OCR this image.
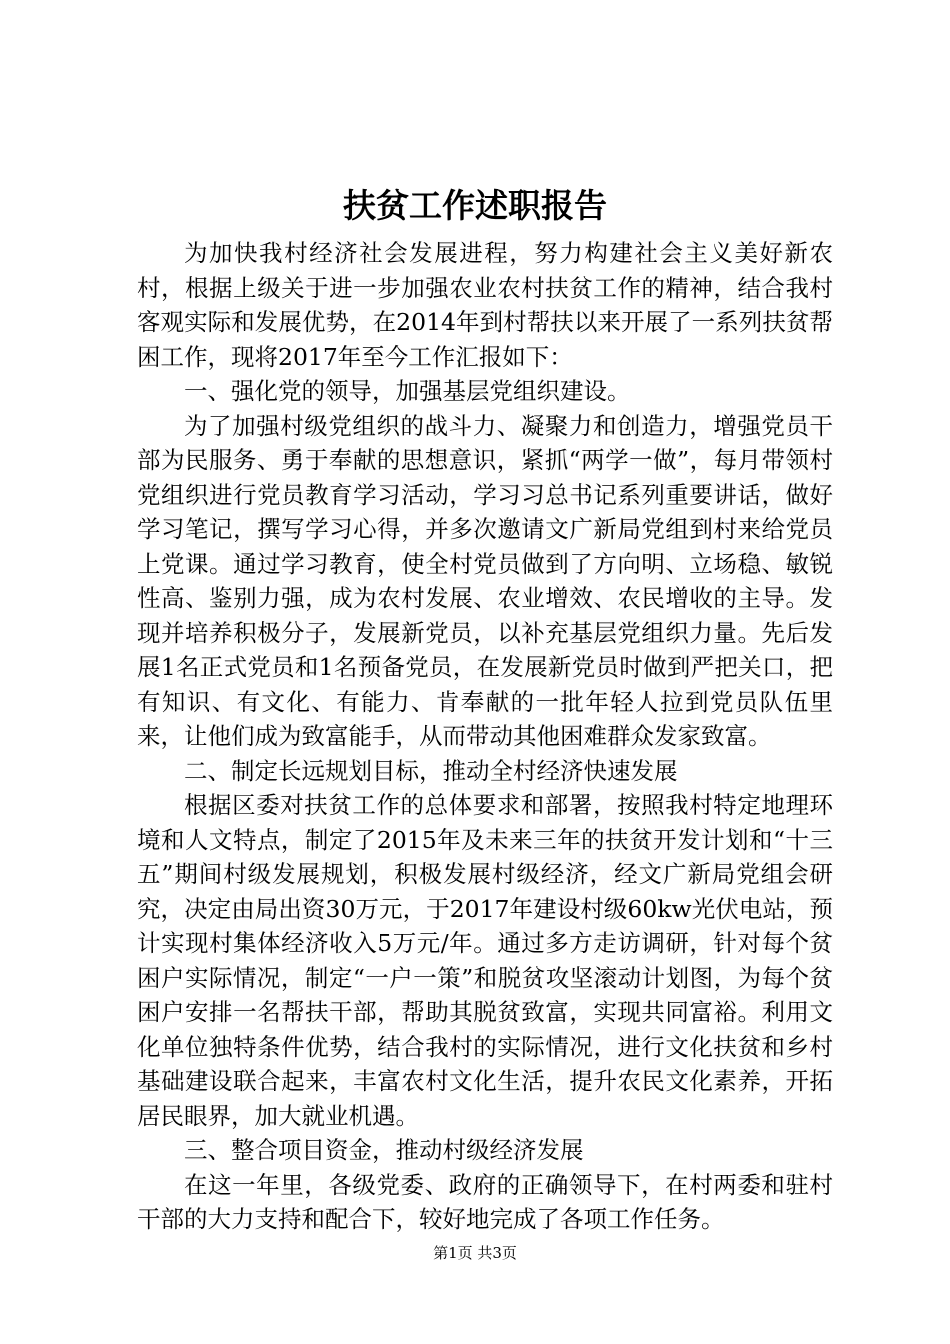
扶贫工作述职报告

为加快我村经济社会发展进程，努力构建社会主义美好新农村，根据上级关于进一步加强农业农村扶贫工作的精神，结合我村客观实际和发展优势，在2014年到村帮扶以来开展了一系列扶贫帮困工作，现将2017年至今工作汇报如下：

一、强化党的领导，加强基层党组织建设。

为了加强村级党组织的战斗力、凝聚力和创造力，增强党员干部为民服务、勇于奉献的思想意识，紧抓“两学一做”，每月带领村党组织进行党员教育学习活动，学习习总书记系列重要讲话，做好学习笔记，撰写学习心得，并多次邀请文广新局党组到村来给党员上党课。通过学习教育，使全村党员做到了方向明、立场稳、敏锐性高、鉴别力强，成为农村发展、农业增效、农民增收的主导。发现并培养积极分子，发展新党员，以补充基层党组织力量。先后发展1名正式党员和1名预备党员，在发展新党员时做到严把关口，把有知识、有文化、有能力、肯奉献的一批年轻人拉到党员队伍里来，让他们成为致富能手，从而带动其他困难群众发家致富。

二、制定长远规划目标，推动全村经济快速发展

根据区委对扶贫工作的总体要求和部署，按照我村特定地理环境和人文特点，制定了2015年及未来三年的扶贫开发计划和“十三五”期间村级发展规划，积极发展村级经济，经文广新局党组会研究，决定由局出资30万元，于2017年建设村级60kw光伏电站，预计实现村集体经济收入5万元/年。通过多方走访调研，针对每个贫困户实际情况，制定“一户一策”和脱贫攻坚滚动计划图，为每个贫困户安排一名帮扶干部，帮助其脱贫致富，实现共同富裕。利用文化单位独特条件优势，结合我村的实际情况，进行文化扶贫和乡村基础建设联合起来，丰富农村文化生活，提升农民文化素养，开拓居民眼界，加大就业机遇。

三、整合项目资金，推动村级经济发展

在这一年里，各级党委、政府的正确领导下，在村两委和驻村干部的大力支持和配合下，较好地完成了各项工作任务。

第1页 共3页
